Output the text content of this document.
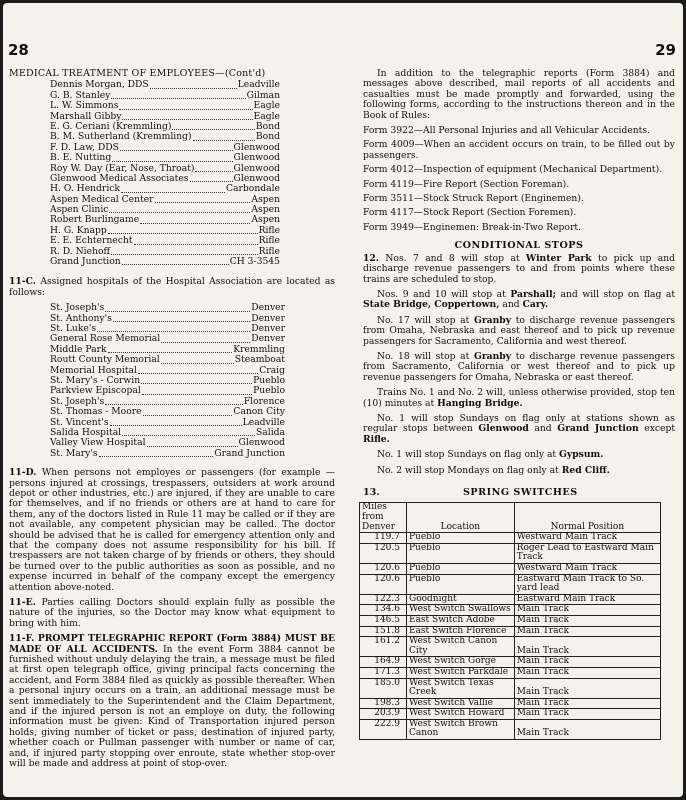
28
MEDICAL TREATMENT OF EMPLOYEES—(Cont'd)
Dennis Morgan, DDS	Leadville
G. B. Stanley	Gilman
L. W. Simmons	Eagle
Marshall Gibby	Eagle
E. G. Ceriani (Kremmling)	Bond
B. M. Sutherland (Kremmling)	Bond
F. D. Law, DDS	Glenwood
B. E. Nutting	Glenwood
Roy W. Day (Ear, Nose, Throat)	Glenwood
Glenwood Medical Associates	Glenwood
H. O. Hendrick	Carbondale
Aspen Medical Center	Aspen
Aspen Clinic	Aspen
Robert Burlingame	Aspen
H. G. Knapp	Rifle
E. E. Echternecht	Rifle
R. D. Niehoff	Rifle
Grand Junction	CH 3-3545

11-C. Assigned hospitals of the Hospital Association are located as follows:

St. Joseph's	Denver
St. Anthony's	Denver
St. Luke's	Denver
General Rose Memorial	Denver
Middle Park	Kremmling
Routt County Memorial	Steamboat
Memorial Hospital	Craig
St. Mary's - Corwin	Pueblo
Parkview Episcopal	Pueblo
St. Joseph's	Florence
St. Thomas - Moore	Canon City
St. Vincent's	Leadville
Salida Hospital	Salida
Valley View Hospital	Glenwood
St. Mary's	Grand Junction

11-D. When persons not employes or passengers (for example —persons injured at crossings, trespassers, outsiders at work around depot or other industries, etc.) are injured, if they are unable to care for themselves, and if no friends or others are at hand to care for them, any of the doctors listed in Rule 11 may be called or if they are not available, any competent physician may be called. The doctor should be advised that he is called for emergency attention only and that the company does not assume responsibility for his bill. If trespassers are not taken charge of by friends or others, they should be turned over to the public authorities as soon as possible, and no expense incurred in behalf of the company except the emergency attention above-noted.

11-E. Parties calling Doctors should explain fully as possible the nature of the injuries, so the Doctor may know what equipment to bring with him.

11-F. PROMPT TELEGRAPHIC REPORT (Form 3884) MUST BE MADE OF ALL ACCIDENTS. In the event Form 3884 cannot be furnished without unduly delaying the train, a message must be filed at first open telegraph office, giving principal facts concerning the accident, and Form 3884 filed as quickly as possible thereafter. When a personal injury occurs on a train, an additional message must be sent immediately to the Superintendent and the Claim Department, and if the injured person is not an employe on duty, the following information must be given: Kind of Transportation injured person holds, giving number of ticket or pass, destination of injured party, whether coach or Pullman passenger with number or name of car, and, if injured party stopping over enroute, state whether stop-over will be made and address at point of stop-over.

29

In addition to the telegraphic reports (Form 3884) and messages above described, mail reports of all accidents and casualties must be made promptly and forwarded, using the following forms, according to the instructions thereon and in the Book of Rules:

Form 3922—All Personal Injuries and all Vehicular Accidents.

Form 4009—When an accident occurs on train, to be filled out by passengers.

Form 4012—Inspection of equipment (Mechanical Department).

Form 4119—Fire Report (Section Foreman).

Form 3511—Stock Struck Report (Enginemen).

Form 4117—Stock Report (Section Foremen).

Form 3949—Enginemen: Break-in-Two Report.

CONDITIONAL STOPS

12. Nos. 7 and 8 will stop at Winter Park to pick up and discharge revenue passengers to and from points where these trains are scheduled to stop.

Nos. 9 and 10 will stop at Parshall; and will stop on flag at State Bridge, Coppertown, and Cary.

No. 17 will stop at Granby to discharge revenue passengers from Omaha, Nebraska and east thereof and to pick up revenue passengers for Sacramento, California and west thereof.

No. 18 will stop at Granby to discharge revenue passengers from Sacramento, California or west thereof and to pick up revenue passengers for Omaha, Nebraska or east thereof.

Trains No. 1 and No. 2 will, unless otherwise provided, stop ten (10) minutes at Hanging Bridge.

No. 1 will stop Sundays on flag only at stations shown as regular stops between Glenwood and Grand Junction except Rifle.

No. 1 will stop Sundays on flag only at Gypsum.

No. 2 will stop Mondays on flag only at Red Cliff.

13.	SPRING SWITCHES
Miles from Denver	Location	Normal Position
119.7	Pueblo	Westward Main Track
120.5	Pueblo	Roger Lead to Eastward Main Track
120.6	Pueblo	Westward Main Track
120.6	Pueblo	Eastward Main Track to So. yard lead
122.3	Goodnight	Eastward Main Track
134.6	West Switch Swallows	Main Track
146.5	East Switch Adobe	Main Track
151.8	East Switch Florence	Main Track
161.2	West Switch Canon City	Main Track
164.9	West Switch Gorge	Main Track
171.3	West Switch Parkdale	Main Track
185.0	West Switch Texas Creek	Main Track
198.3	West Switch Vallie	Main Track
203.9	West Switch Howard	Main Track
222.9	West Switch Brown Canon	Main Track
